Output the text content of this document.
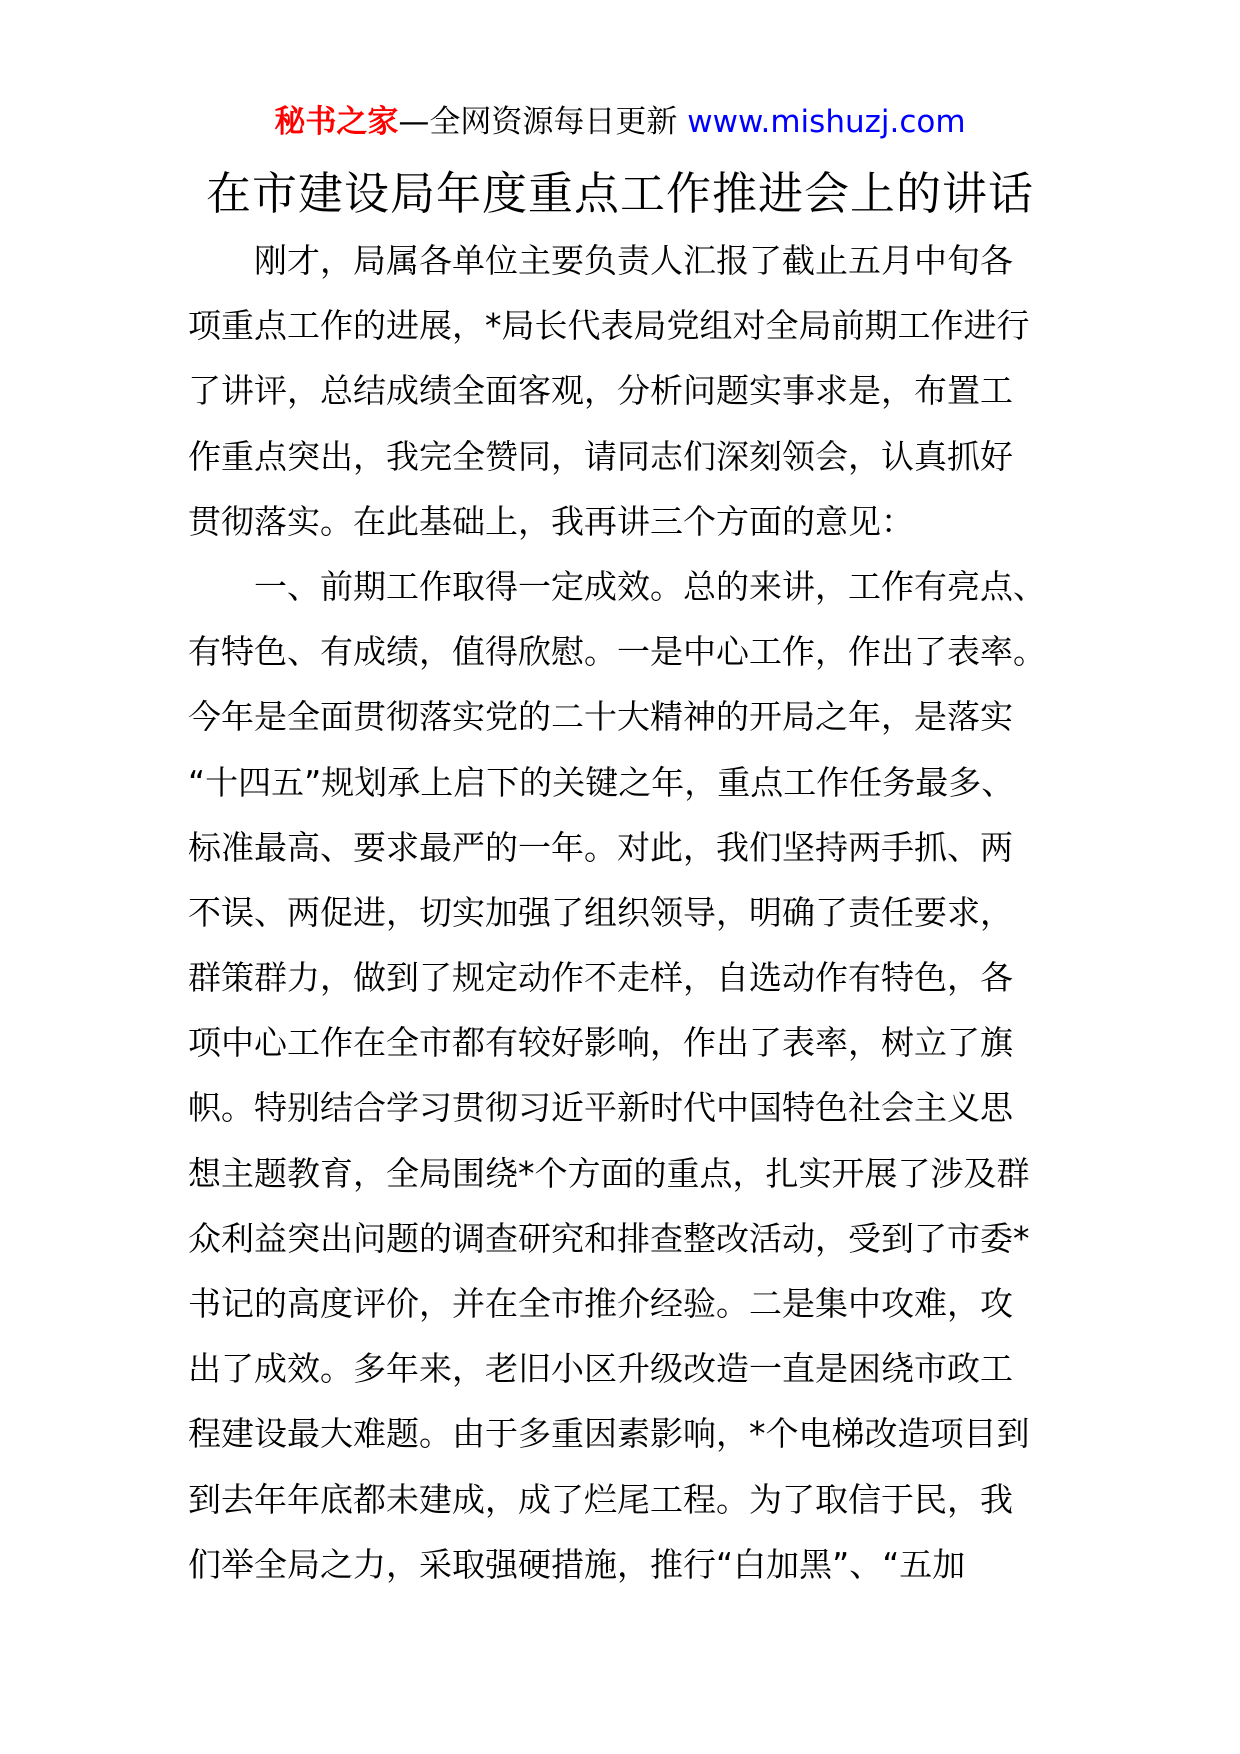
秘书之家—全网资源每日更新 www.mishuzj.com
在市建设局年度重点工作推进会上的讲话
刚才，局属各单位主要负责人汇报了截止五月中旬各
项重点工作的进展，*局长代表局党组对全局前期工作进行
了讲评，总结成绩全面客观，分析问题实事求是，布置工
作重点突出，我完全赞同，请同志们深刻领会，认真抓好
贯彻落实。在此基础上，我再讲三个方面的意见：
一、前期工作取得一定成效。总的来讲，工作有亮点、
有特色、有成绩，值得欣慰。一是中心工作，作出了表率。
今年是全面贯彻落实党的二十大精神的开局之年，是落实
“十四五”规划承上启下的关键之年，重点工作任务最多、
标准最高、要求最严的一年。对此，我们坚持两手抓、两
不误、两促进，切实加强了组织领导，明确了责任要求，
群策群力，做到了规定动作不走样，自选动作有特色，各
项中心工作在全市都有较好影响，作出了表率，树立了旗
帜。特别结合学习贯彻习近平新时代中国特色社会主义思
想主题教育，全局围绕*个方面的重点，扎实开展了涉及群
众利益突出问题的调查研究和排查整改活动，受到了市委*
书记的高度评价，并在全市推介经验。二是集中攻难，攻
出了成效。多年来，老旧小区升级改造一直是困绕市政工
程建设最大难题。由于多重因素影响，*个电梯改造项目到
到去年年底都未建成，成了烂尾工程。为了取信于民，我
们举全局之力，采取强硬措施，推行“白加黑”、“五加
